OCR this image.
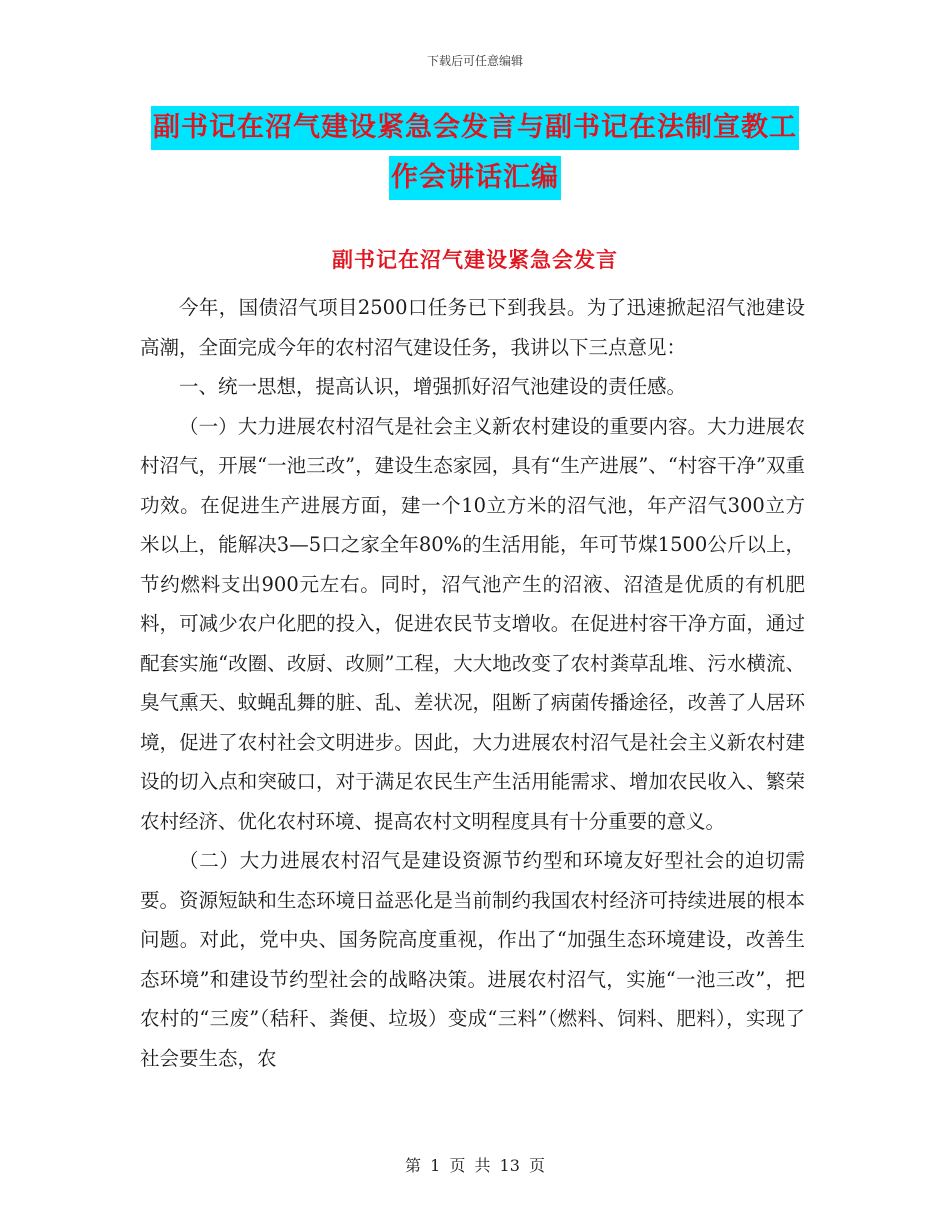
下载后可任意编辑
副书记在沼气建设紧急会发言与副书记在法制宣教工
作会讲话汇编
副书记在沼气建设紧急会发言

今年，国债沼气项目2500口任务已下到我县。为了迅速掀起沼气池建设高潮，全面完成今年的农村沼气建设任务，我讲以下三点意见：

一、统一思想，提高认识，增强抓好沼气池建设的责任感。

（一）大力进展农村沼气是社会主义新农村建设的重要内容。大力进展农村沼气，开展“一池三改”，建设生态家园，具有“生产进展”、“村容干净”双重功效。在促进生产进展方面，建一个10立方米的沼气池，年产沼气300立方米以上，能解决3—5口之家全年80%的生活用能，年可节煤1500公斤以上，节约燃料支出900元左右。同时，沼气池产生的沼液、沼渣是优质的有机肥料，可减少农户化肥的投入，促进农民节支增收。在促进村容干净方面，通过配套实施“改圈、改厨、改厕”工程，大大地改变了农村粪草乱堆、污水横流、臭气熏天、蚊蝇乱舞的脏、乱、差状况，阻断了病菌传播途径，改善了人居环境，促进了农村社会文明进步。因此，大力进展农村沼气是社会主义新农村建设的切入点和突破口，对于满足农民生产生活用能需求、增加农民收入、繁荣农村经济、优化农村环境、提高农村文明程度具有十分重要的意义。

（二）大力进展农村沼气是建设资源节约型和环境友好型社会的迫切需要。资源短缺和生态环境日益恶化是当前制约我国农村经济可持续进展的根本问题。对此，党中央、国务院高度重视，作出了“加强生态环境建设，改善生态环境”和建设节约型社会的战略决策。进展农村沼气，实施“一池三改”，把农村的“三废”（秸秆、粪便、垃圾）变成“三料”（燃料、饲料、肥料），实现了社会要生态，农

第 1 页 共 13 页
